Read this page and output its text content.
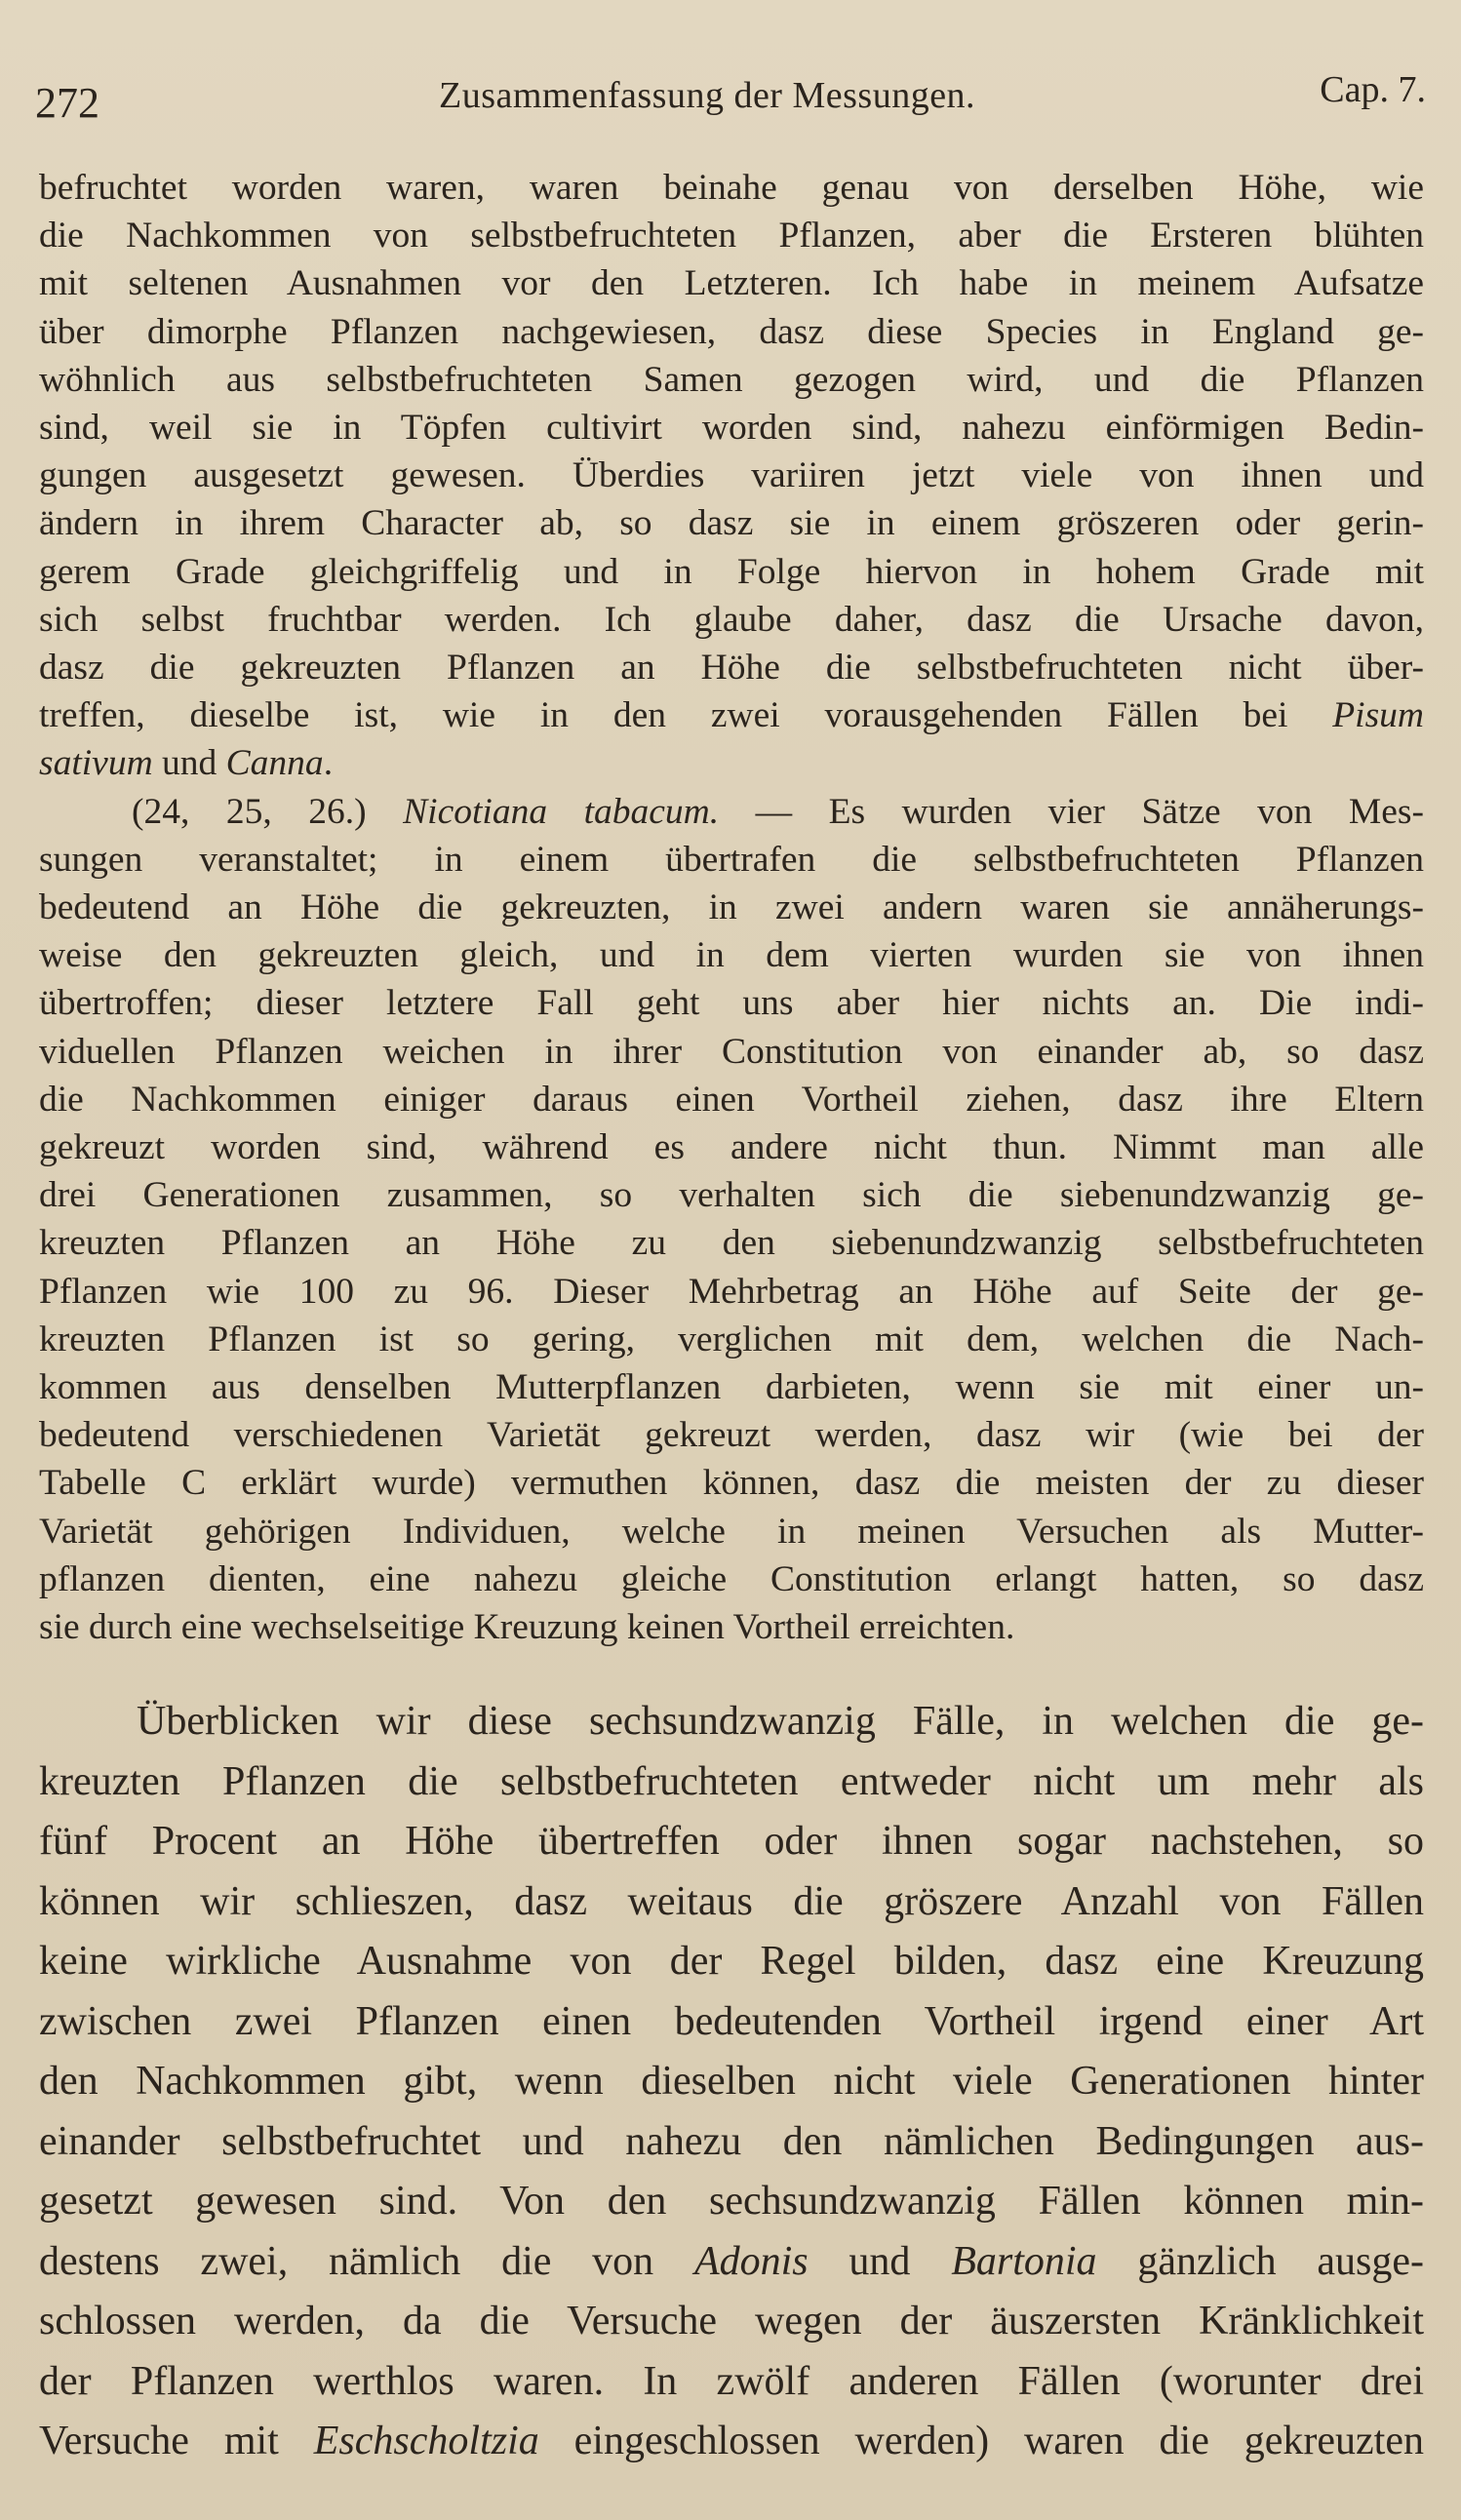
272	Zusammenfassung der Messungen.	Cap. 7.
befruchtet worden waren, waren beinahe genau von derselben Höhe, wie
die Nachkommen von selbstbefruchteten Pflanzen, aber die Ersteren blühten
mit seltenen Ausnahmen vor den Letzteren. Ich habe in meinem Aufsatze
über dimorphe Pflanzen nachgewiesen, dasz diese Species in England ge-
wöhnlich aus selbstbefruchteten Samen gezogen wird, und die Pflanzen
sind, weil sie in Töpfen cultivirt worden sind, nahezu einförmigen Bedin-
gungen ausgesetzt gewesen. Überdies variiren jetzt viele von ihnen und
ändern in ihrem Character ab, so dasz sie in einem gröszeren oder gerin-
gerem Grade gleichgriffelig und in Folge hiervon in hohem Grade mit
sich selbst fruchtbar werden. Ich glaube daher, dasz die Ursache davon,
dasz die gekreuzten Pflanzen an Höhe die selbstbefruchteten nicht über-
treffen, dieselbe ist, wie in den zwei vorausgehenden Fällen bei Pisum
sativum und Canna.
(24, 25, 26.) Nicotiana tabacum. — Es wurden vier Sätze von Mes-
sungen veranstaltet; in einem übertrafen die selbstbefruchteten Pflanzen
bedeutend an Höhe die gekreuzten, in zwei andern waren sie annäherungs-
weise den gekreuzten gleich, und in dem vierten wurden sie von ihnen
übertroffen; dieser letztere Fall geht uns aber hier nichts an. Die indi-
viduellen Pflanzen weichen in ihrer Constitution von einander ab, so dasz
die Nachkommen einiger daraus einen Vortheil ziehen, dasz ihre Eltern
gekreuzt worden sind, während es andere nicht thun. Nimmt man alle
drei Generationen zusammen, so verhalten sich die siebenundzwanzig ge-
kreuzten Pflanzen an Höhe zu den siebenundzwanzig selbstbefruchteten
Pflanzen wie 100 zu 96. Dieser Mehrbetrag an Höhe auf Seite der ge-
kreuzten Pflanzen ist so gering, verglichen mit dem, welchen die Nach-
kommen aus denselben Mutterpflanzen darbieten, wenn sie mit einer un-
bedeutend verschiedenen Varietät gekreuzt werden, dasz wir (wie bei der
Tabelle C erklärt wurde) vermuthen können, dasz die meisten der zu dieser
Varietät gehörigen Individuen, welche in meinen Versuchen als Mutter-
pflanzen dienten, eine nahezu gleiche Constitution erlangt hatten, so dasz
sie durch eine wechselseitige Kreuzung keinen Vortheil erreichten.
Überblicken wir diese sechsundzwanzig Fälle, in welchen die ge-
kreuzten Pflanzen die selbstbefruchteten entweder nicht um mehr als
fünf Procent an Höhe übertreffen oder ihnen sogar nachstehen, so
können wir schlieszen, dasz weitaus die gröszere Anzahl von Fällen
keine wirkliche Ausnahme von der Regel bilden, dasz eine Kreuzung
zwischen zwei Pflanzen einen bedeutenden Vortheil irgend einer Art
den Nachkommen gibt, wenn dieselben nicht viele Generationen hinter
einander selbstbefruchtet und nahezu den nämlichen Bedingungen aus-
gesetzt gewesen sind. Von den sechsundzwanzig Fällen können min-
destens zwei, nämlich die von Adonis und Bartonia gänzlich ausge-
schlossen werden, da die Versuche wegen der äuszersten Kränklichkeit
der Pflanzen werthlos waren. In zwölf anderen Fällen (worunter drei
Versuche mit Eschscholtzia eingeschlossen werden) waren die gekreuzten
